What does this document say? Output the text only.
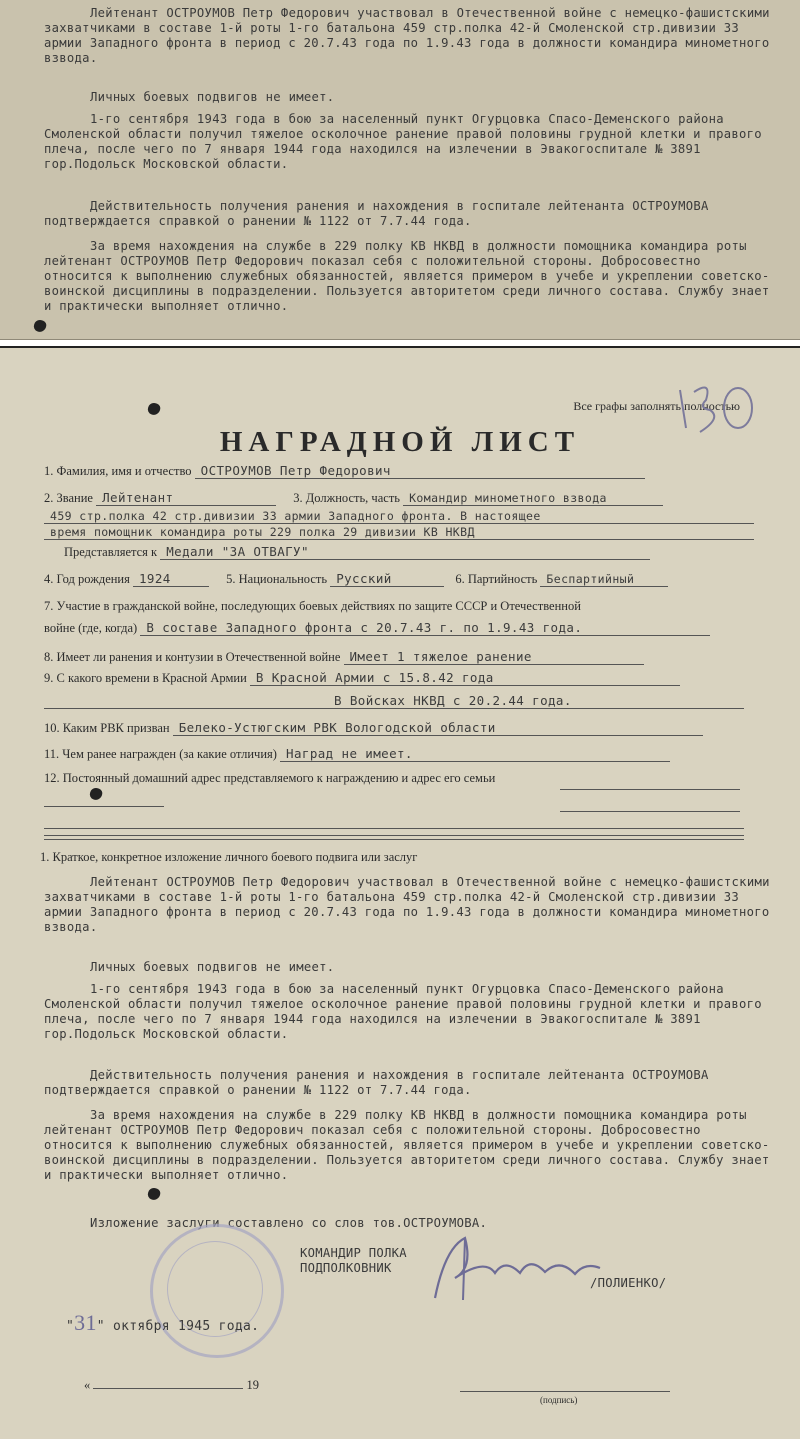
Лейтенант ОСТРОУМОВ Петр Федорович участвовал в Отечественной войне с немецко-фашистскими захватчиками в составе 1-й роты 1-го батальона 459 стр.полка 42-й Смоленской стр.дивизии 33 армии Западного фронта в период с 20.7.43 года по 1.9.43 года в должности командира минометного взвода.
Личных боевых подвигов не имеет.
1-го сентября 1943 года в бою за населенный пункт Огурцовка Спасо-Деменского района Смоленской области получил тяжелое осколочное ранение правой половины грудной клетки и правого плеча, после чего по 7 января 1944 года находился на излечении в Эвакогоспитале № 3891 гор.Подольск Московской области.
Действительность получения ранения и нахождения в госпитале лейтенанта ОСТРОУМОВА подтверждается справкой о ранении № 1122 от 7.7.44 года.
За время нахождения на службе в 229 полку КВ НКВД в должности помощника командира роты лейтенант ОСТРОУМОВ Петр Федорович показал себя с положительной стороны. Добросовестно относится к выполнению служебных обязанностей, является примером в учебе и укреплении советско-воинской дисциплины в подразделении. Пользуется авторитетом среди личного состава. Службу знает и практически выполняет отлично.
Все графы заполнять полностью
НАГРАДНОЙ ЛИСТ
1. Фамилия, имя и отчество ОСТРОУМОВ Петр Федорович
2. Звание Лейтенант	3. Должность, часть Командир минометного взвода
459 стр.полка 42 стр.дивизии 33 армии Западного фронта. В настоящее
время помощник командира роты 229 полка 29 дивизии КВ НКВД
Представляется к Медали "ЗА ОТВАГУ"
4. Год рождения 1924	5. Национальность Русский	6. Партийность Беспартийный
7. Участие в гражданской войне, последующих боевых действиях по защите СССР и Отечественной
войне (где, когда) В составе Западного фронта с 20.7.43 г. по 1.9.43 года.
8. Имеет ли ранения и контузии в Отечественной войне Имеет 1 тяжелое ранение
9. С какого времени в Красной Армии В Красной Армии с 15.8.42 года
В Войсках НКВД с 20.2.44 года.
10. Каким РВК призван Белеко-Устюгским РВК Вологодской области
11. Чем ранее награжден (за какие отличия) Наград не имеет.
12. Постоянный домашний адрес представляемого к награждению и адрес его семьи
1. Краткое, конкретное изложение личного боевого подвига или заслуг
Лейтенант ОСТРОУМОВ Петр Федорович участвовал в Отечественной войне с немецко-фашистскими захватчиками в составе 1-й роты 1-го батальона 459 стр.полка 42-й Смоленской стр.дивизии 33 армии Западного фронта в период с 20.7.43 года по 1.9.43 года в должности командира минометного взвода.
Личных боевых подвигов не имеет.
1-го сентября 1943 года в бою за населенный пункт Огурцовка Спасо-Деменского района Смоленской области получил тяжелое осколочное ранение правой половины грудной клетки и правого плеча, после чего по 7 января 1944 года находился на излечении в Эвакогоспитале № 3891 гор.Подольск Московской области.
Действительность получения ранения и нахождения в госпитале лейтенанта ОСТРОУМОВА подтверждается справкой о ранении № 1122 от 7.7.44 года.
За время нахождения на службе в 229 полку КВ НКВД в должности помощника командира роты лейтенант ОСТРОУМОВ Петр Федорович показал себя с положительной стороны. Добросовестно относится к выполнению служебных обязанностей, является примером в учебе и укреплении советско-воинской дисциплины в подразделении. Пользуется авторитетом среди личного состава. Службу знает и практически выполняет отлично.
Изложение заслуги составлено со слов тов.ОСТРОУМОВА.
КОМАНДИР ПОЛКА
ПОДПОЛКОВНИК
/ПОЛИЕНКО/
"31" октября 1945 года.
«	19
(подпись)
